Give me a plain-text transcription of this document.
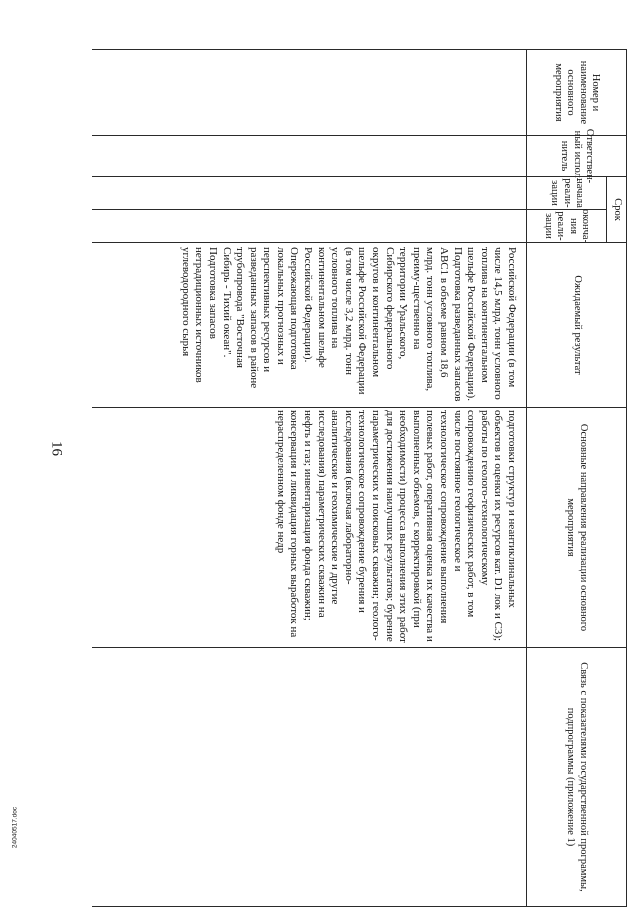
16
Номер и наименование основного мероприятия
Ответствен-ный испол-нитель
Срок
начала реали-зации
оконча-ния реали-зации
Ожидаемый результат
Основные направления реализации основного мероприятия
Связь с показателями государственной программы, подпрограммы (приложение 1)
Российской Федерации (в том числе 14,5 млрд. тонн условного топлива на континентальном шельфе Российской Федерации). Подготовка разведанных запасов АВС1 в объеме равном 18,6 млрд. тонн условного топлива, преиму-щественно на территории Уральского, Сибирского федерального округов и континентальном шельфе Российской Федерации (в том числе 3,2 млрд. тонн условного топлива на континентальном шельфе Российской Федерации). Опережающая подготовка локальных прогнозных и перспективных ресурсов и разведанных запасов в районе трубопровода "Восточная Сибирь - Тихий океан". Подготовка запасов нетрадиционных источников углеводородного сырья
подготовки структур и неантиклинальных объектов и оценки их ресурсов кат. D1 лок и C3); работы по геолого-технологическому сопровождению геофизических работ, в том числе постоянное геологическое и технологическое сопровождение выполнения полевых работ, оперативная оценка их качества и выполненных объемов, с корректировкой (при необходимости) процесса выполнения этих работ для достижения наилучших результатов; бурение параметрических и поисковых скважин; геолого-технологическое сопровождение бурения и исследования (включая лабораторно-аналитические и геохимические и другие исследования) параметрических скважин на нефть и газ; инвентаризация фонда скважин; консервация и ликвидация горных выработок на нераспределенном фонде недр
24040517.doc
